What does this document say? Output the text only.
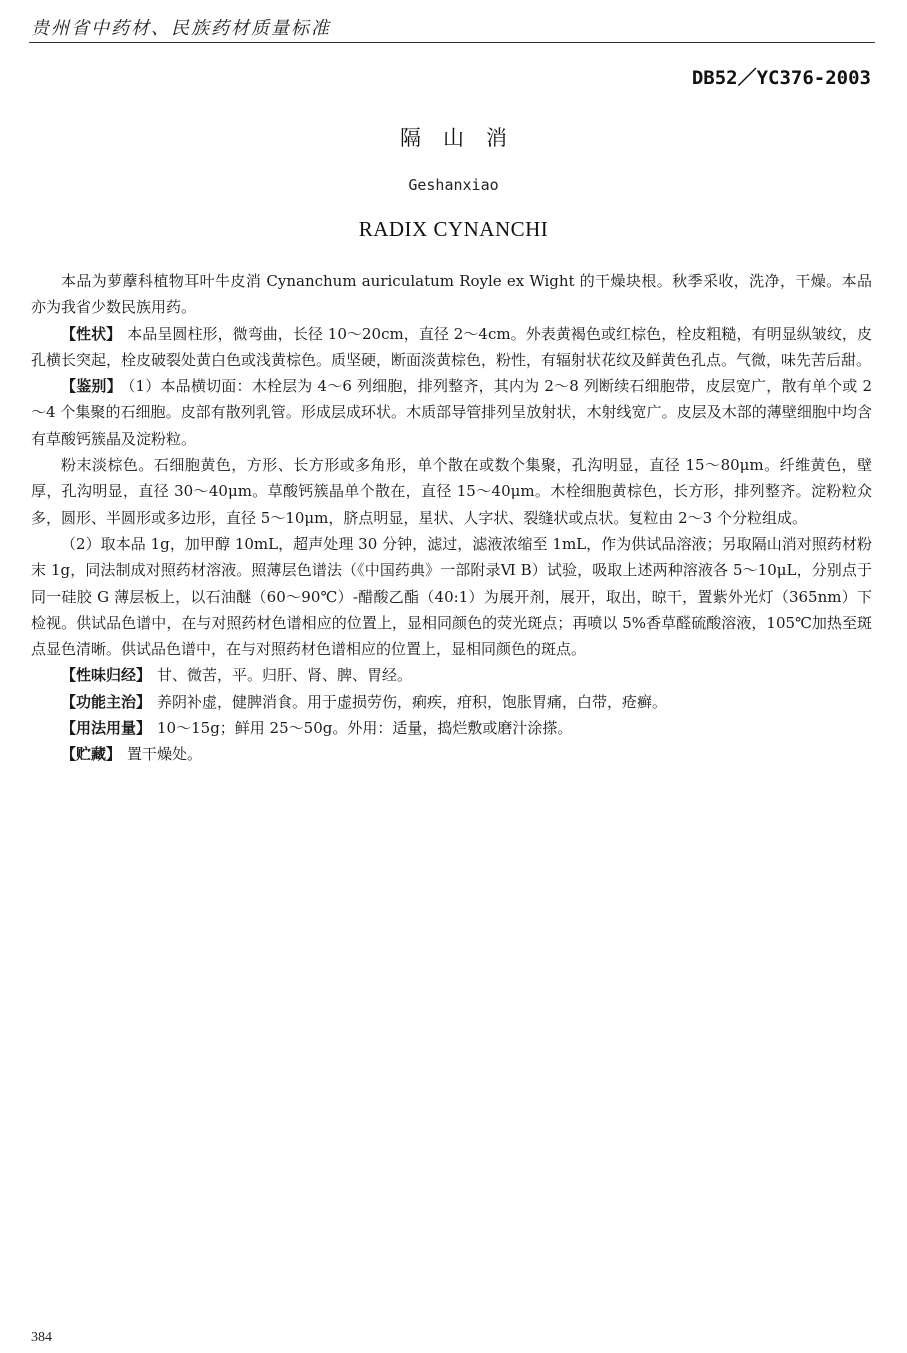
贵州省中药材、民族药材质量标准
DB52／YC376-2003
隔山消
Geshanxiao
RADIX CYNANCHI

本品为萝藦科植物耳叶牛皮消 Cynanchum auriculatum Royle ex Wight 的干燥块根。秋季采收，洗净，干燥。本品亦为我省少数民族用药。

【性状】 本品呈圆柱形，微弯曲，长径 10～20cm，直径 2～4cm。外表黄褐色或红棕色，栓皮粗糙，有明显纵皱纹，皮孔横长突起，栓皮破裂处黄白色或浅黄棕色。质坚硬，断面淡黄棕色，粉性，有辐射状花纹及鲜黄色孔点。气微，味先苦后甜。

【鉴别】 （1）本品横切面：木栓层为 4～6 列细胞，排列整齐，其内为 2～8 列断续石细胞带，皮层宽广，散有单个或 2～4 个集聚的石细胞。皮部有散列乳管。形成层成环状。木质部导管排列呈放射状，木射线宽广。皮层及木部的薄壁细胞中均含有草酸钙簇晶及淀粉粒。

粉末淡棕色。石细胞黄色，方形、长方形或多角形，单个散在或数个集聚，孔沟明显，直径 15～80μm。纤维黄色，壁厚，孔沟明显，直径 30～40μm。草酸钙簇晶单个散在，直径 15～40μm。木栓细胞黄棕色，长方形，排列整齐。淀粉粒众多，圆形、半圆形或多边形，直径 5～10μm，脐点明显，星状、人字状、裂缝状或点状。复粒由 2～3 个分粒组成。

（2）取本品 1g，加甲醇 10mL，超声处理 30 分钟，滤过，滤液浓缩至 1mL，作为供试品溶液；另取隔山消对照药材粉末 1g，同法制成对照药材溶液。照薄层色谱法（《中国药典》一部附录Ⅵ B）试验，吸取上述两种溶液各 5～10μL，分别点于同一硅胶 G 薄层板上，以石油醚（60～90℃）-醋酸乙酯（40:1）为展开剂，展开，取出，晾干，置紫外光灯（365nm）下检视。供试品色谱中，在与对照药材色谱相应的位置上，显相同颜色的荧光斑点；再喷以 5%香草醛硫酸溶液，105℃加热至斑点显色清晰。供试品色谱中，在与对照药材色谱相应的位置上，显相同颜色的斑点。

【性味归经】 甘、微苦，平。归肝、肾、脾、胃经。

【功能主治】 养阴补虚，健脾消食。用于虚损劳伤，痢疾，疳积，饱胀胃痛，白带，疮癣。

【用法用量】 10～15g；鲜用 25～50g。外用：适量，捣烂敷或磨汁涂搽。

【贮藏】 置干燥处。

384
